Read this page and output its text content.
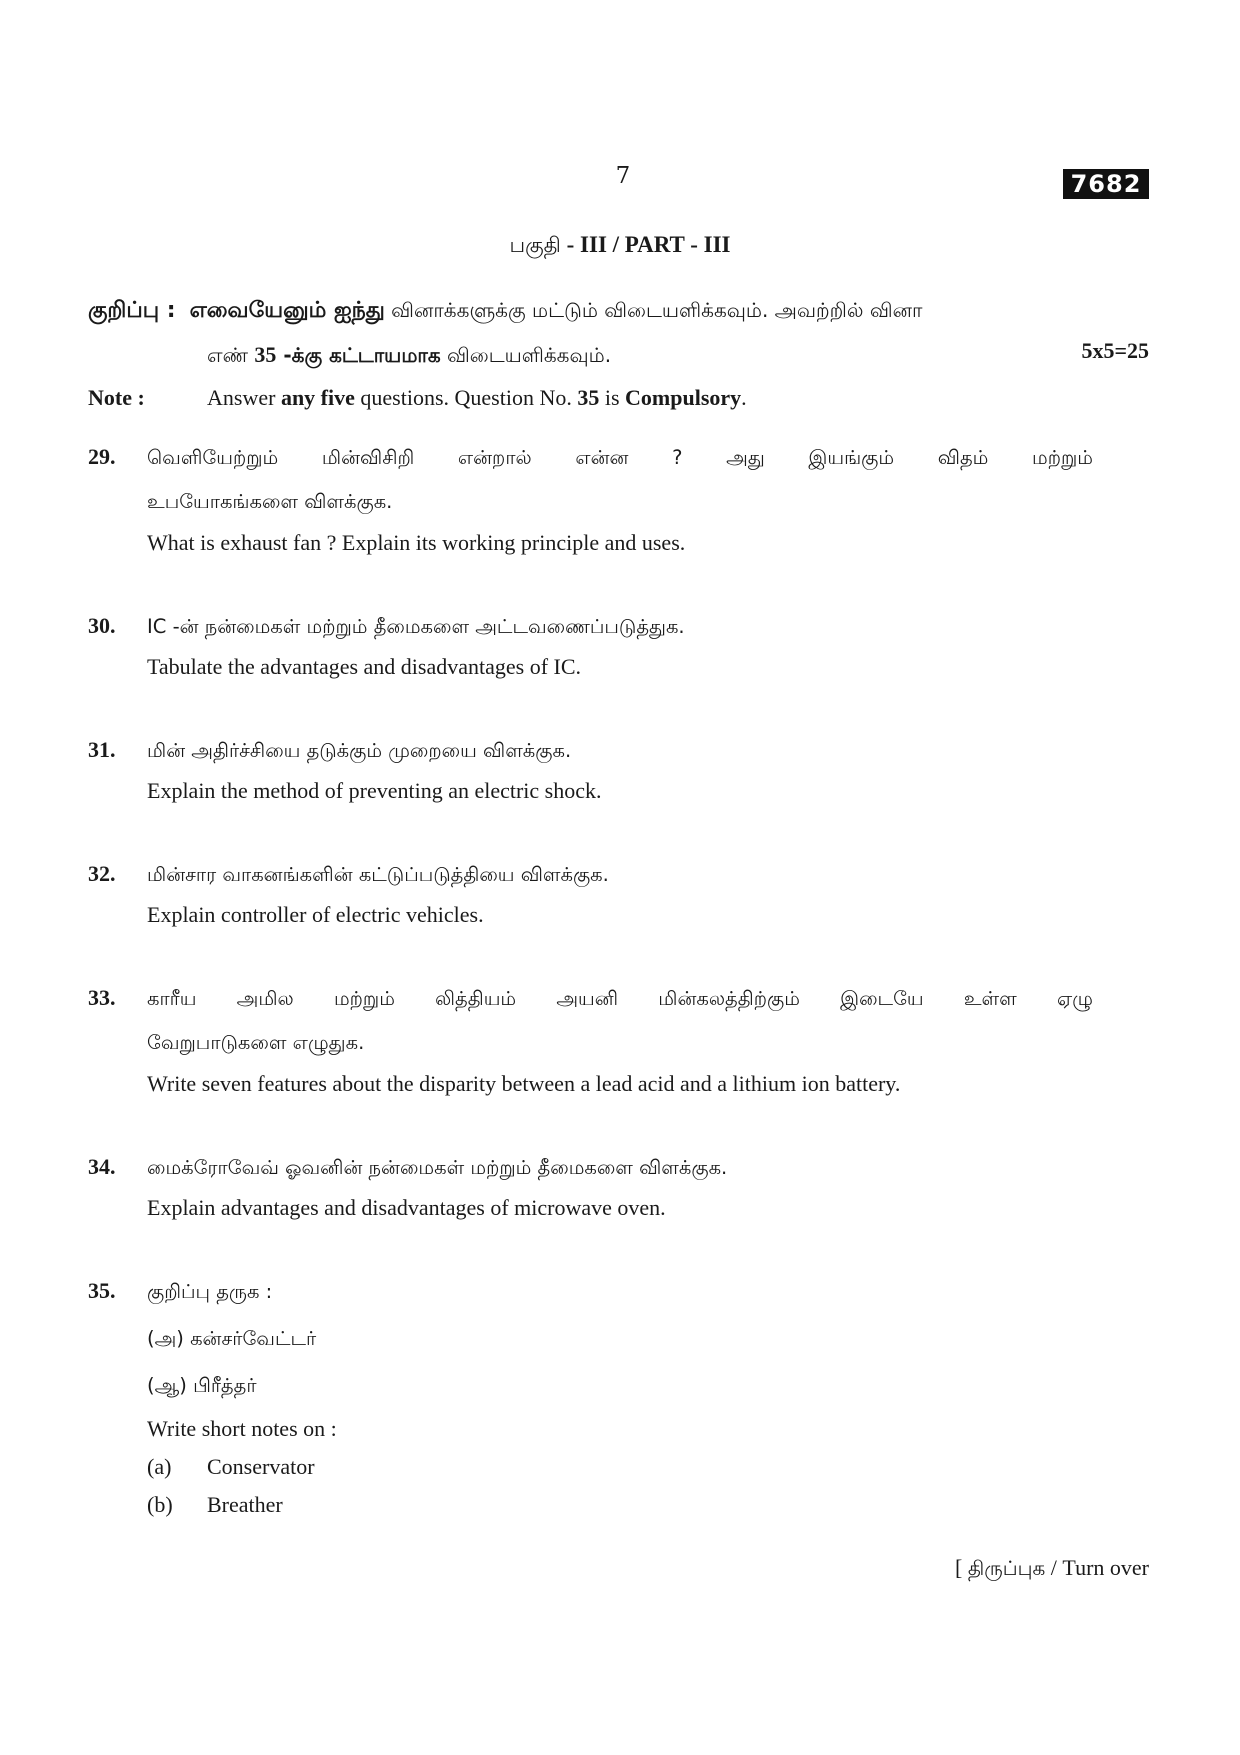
7	7682
பகுதி - III / PART - III
குறிப்பு : எவையேனும் ஐந்து வினாக்களுக்கு மட்டும் விடையளிக்கவும். அவற்றில் வினா
எண் 35 -க்கு கட்டாயமாக விடையளிக்கவும்.	5x5=25
Note :	Answer any five questions. Question No. 35 is Compulsory.
29. வெளியேற்றும் மின்விசிறி என்றால் என்ன ? அது இயங்கும் விதம் மற்றும்
உபயோகங்களை விளக்குக.
What is exhaust fan ? Explain its working principle and uses.
30. IC -ன் நன்மைகள் மற்றும் தீமைகளை அட்டவணைப்படுத்துக.
Tabulate the advantages and disadvantages of IC.
31. மின் அதிர்ச்சியை தடுக்கும் முறையை விளக்குக.
Explain the method of preventing an electric shock.
32. மின்சார வாகனங்களின் கட்டுப்படுத்தியை விளக்குக.
Explain controller of electric vehicles.
33. காரீய அமில மற்றும் லித்தியம் அயனி மின்கலத்திற்கும் இடையே உள்ள ஏழு
வேறுபாடுகளை எழுதுக.
Write seven features about the disparity between a lead acid and a lithium ion battery.
34. மைக்ரோவேவ் ஓவனின் நன்மைகள் மற்றும் தீமைகளை விளக்குக.
Explain advantages and disadvantages of microwave oven.
35. குறிப்பு தருக :
(அ) கன்சர்வேட்டர்
(ஆ) பிரீத்தர்
Write short notes on :
(a) Conservator
(b) Breather
[ திருப்புக / Turn over
